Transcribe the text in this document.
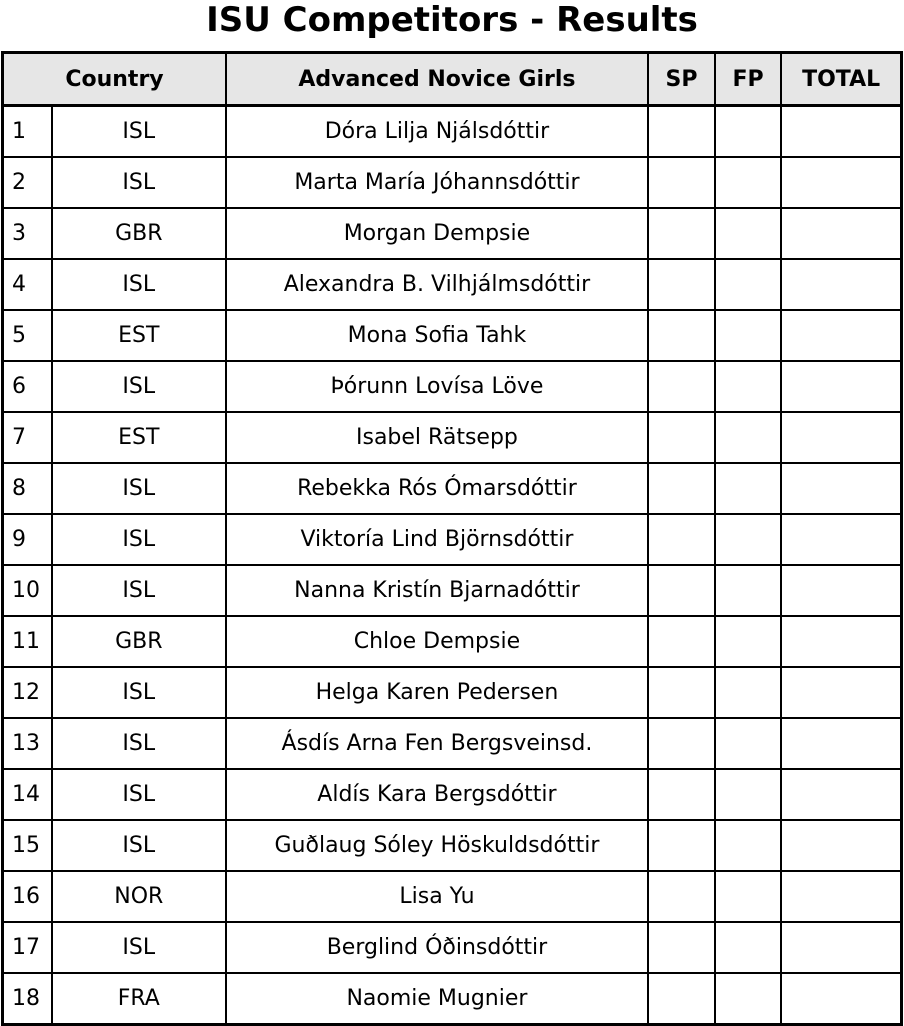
ISU Competitors - Results
Country		Advanced Novice Girls	SP	FP	TOTAL
1	ISL	Dóra Lilja Njálsdóttir			
2	ISL	Marta María Jóhannsdóttir			
3	GBR	Morgan Dempsie			
4	ISL	Alexandra B. Vilhjálmsdóttir			
5	EST	Mona Sofia Tahk			
6	ISL	Þórunn Lovísa Löve			
7	EST	Isabel Rätsepp			
8	ISL	Rebekka Rós Ómarsdóttir			
9	ISL	Viktoría Lind Björnsdóttir			
10	ISL	Nanna Kristín Bjarnadóttir			
11	GBR	Chloe Dempsie			
12	ISL	Helga Karen Pedersen			
13	ISL	Ásdís Arna Fen Bergsveinsd.			
14	ISL	Aldís Kara Bergsdóttir			
15	ISL	Guðlaug Sóley Höskuldsdóttir			
16	NOR	Lisa Yu			
17	ISL	Berglind Óðinsdóttir			
18	FRA	Naomie Mugnier			
